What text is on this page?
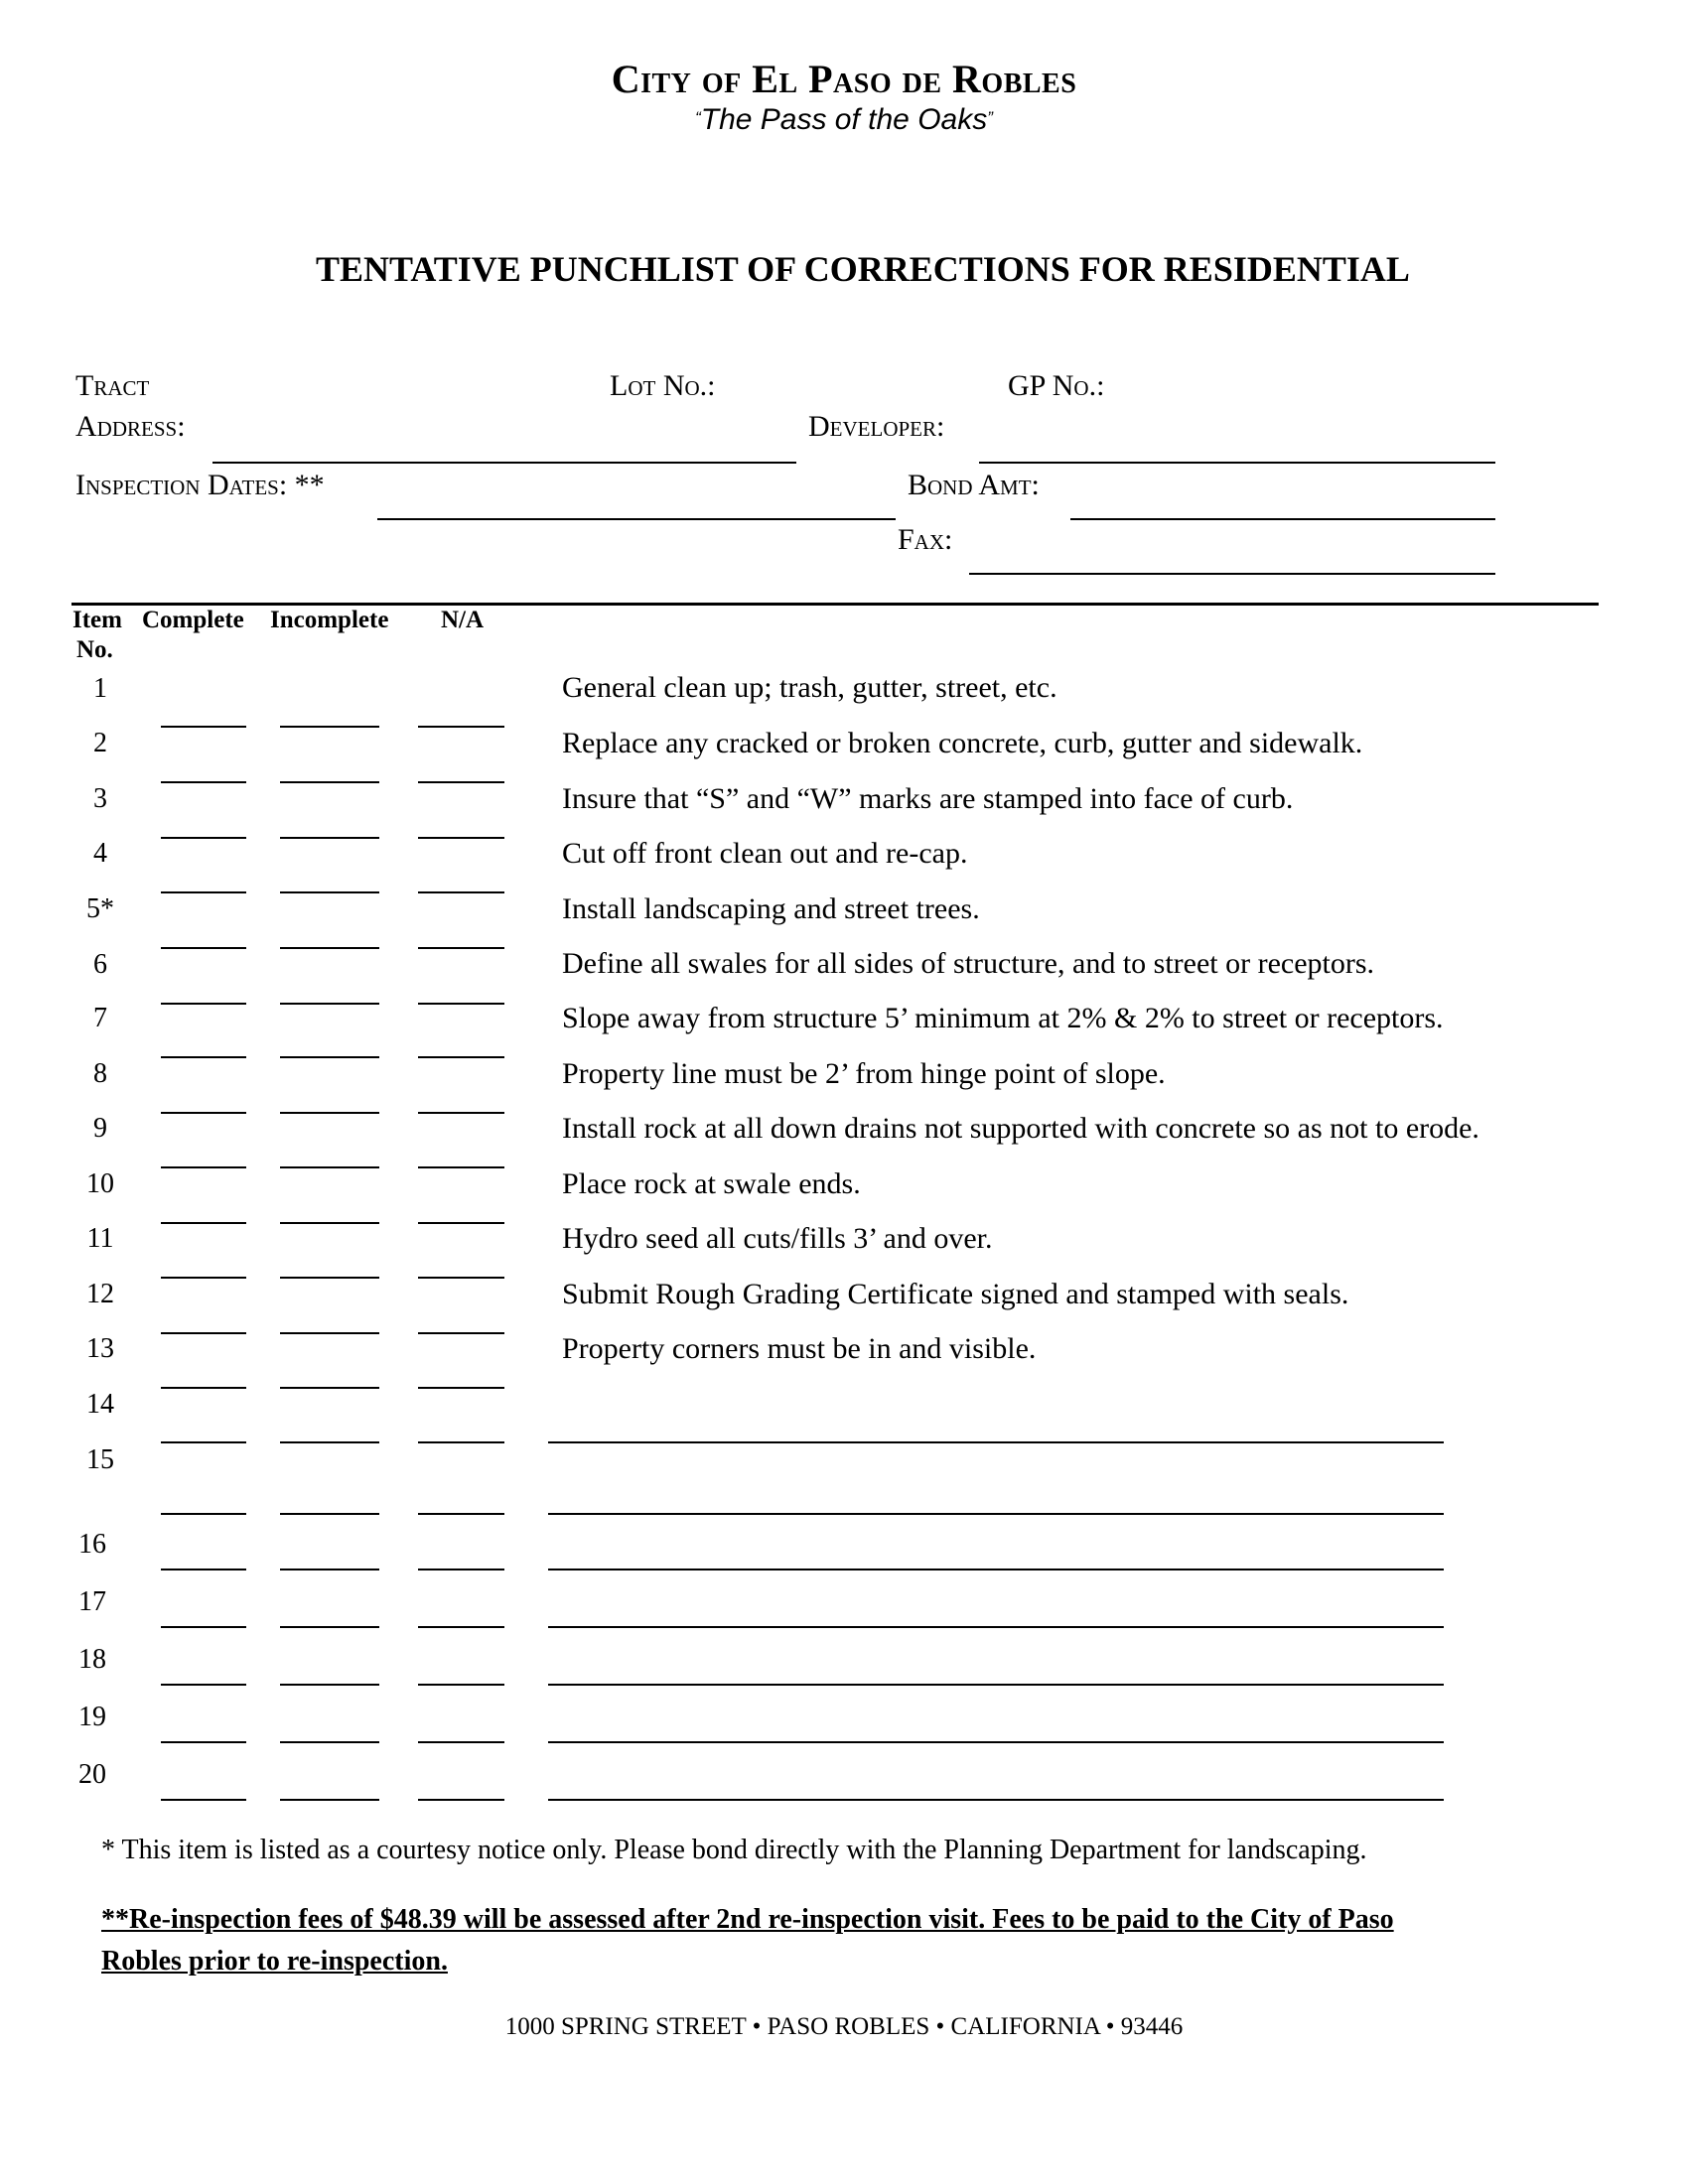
City of El Paso de Robles
“The Pass of the Oaks”
TENTATIVE PUNCHLIST OF CORRECTIONS FOR RESIDENTIAL
Tract	Lot No.:	GP No.:
Address:	Developer:
Inspection Dates: **	Bond Amt:
Fax:
Item
No.
Complete Incomplete N/A
1	General clean up; trash, gutter, street, etc.
2	Replace any cracked or broken concrete, curb, gutter and sidewalk.
3	Insure that “S” and “W” marks are stamped into face of curb.
4	Cut off front clean out and re-cap.
5*	Install landscaping and street trees.
6	Define all swales for all sides of structure, and to street or receptors.
7	Slope away from structure 5’ minimum at 2% & 2% to street or receptors.
8	Property line must be 2’ from hinge point of slope.
9	Install rock at all down drains not supported with concrete so as not to erode.
10	Place rock at swale ends.
11	Hydro seed all cuts/fills 3’ and over.
12	Submit Rough Grading Certificate signed and stamped with seals.
13	Property corners must be in and visible.
14
15
16
17
18
19
20
* This item is listed as a courtesy notice only. Please bond directly with the Planning Department for landscaping.
**Re-inspection fees of $48.39 will be assessed after 2nd re-inspection visit. Fees to be paid to the City of Paso
Robles prior to re-inspection.
1000 SPRING STREET • PASO ROBLES • CALIFORNIA • 93446
